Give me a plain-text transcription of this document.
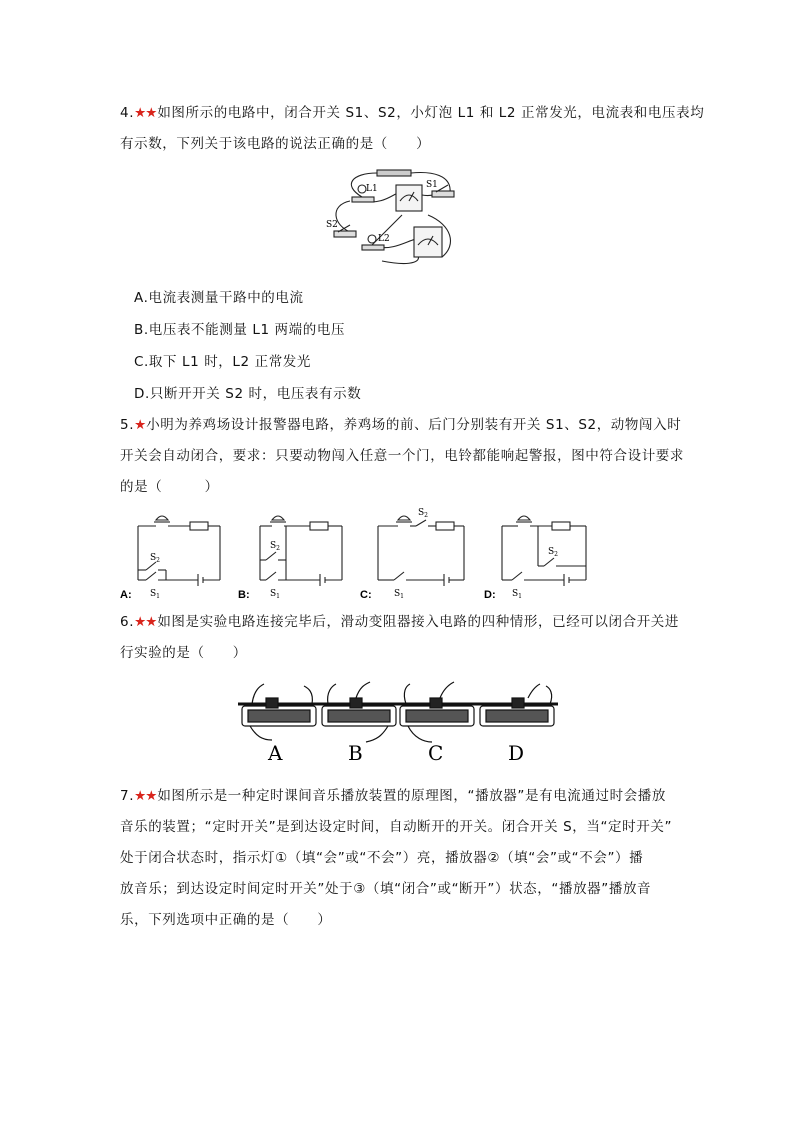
4.★★如图所示的电路中，闭合开关 S1、S2，小灯泡 L1 和 L2 正常发光，电流表和电压表均
有示数，下列关于该电路的说法正确的是（　　）
L1	S1
S2
L2
A.电流表测量干路中的电流
B.电压表不能测量 L1 两端的电压
C.取下 L1 时，L2 正常发光
D.只断开开关 S2 时，电压表有示数
5.★小明为养鸡场设计报警器电路，养鸡场的前、后门分别装有开关 S1、S2，动物闯入时
开关会自动闭合，要求：只要动物闯入任意一个门，电铃都能响起警报，图中符合设计要求
的是（　　　）
$S_2$
$S_1$
A:
$S_2$
$S_1$
B:
$S_2$
$S_1$
C:
$S_2$
$S_1$
D:
6.★★如图是实验电路连接完毕后，滑动变阻器接入电路的四种情形，已经可以闭合开关进
行实验的是（　　）
A	B	C	D
7.★★如图所示是一种定时课间音乐播放装置的原理图，“播放器”是有电流通过时会播放
音乐的装置；“定时开关”是到达设定时间，自动断开的开关。闭合开关 S，当“定时开关”
处于闭合状态时，指示灯①（填“会”或“不会”）亮，播放器②（填“会”或“不会”）播
放音乐；到达设定时间定时开关”处于③（填“闭合”或“断开”）状态，“播放器”播放音
乐，下列选项中正确的是（　　）
